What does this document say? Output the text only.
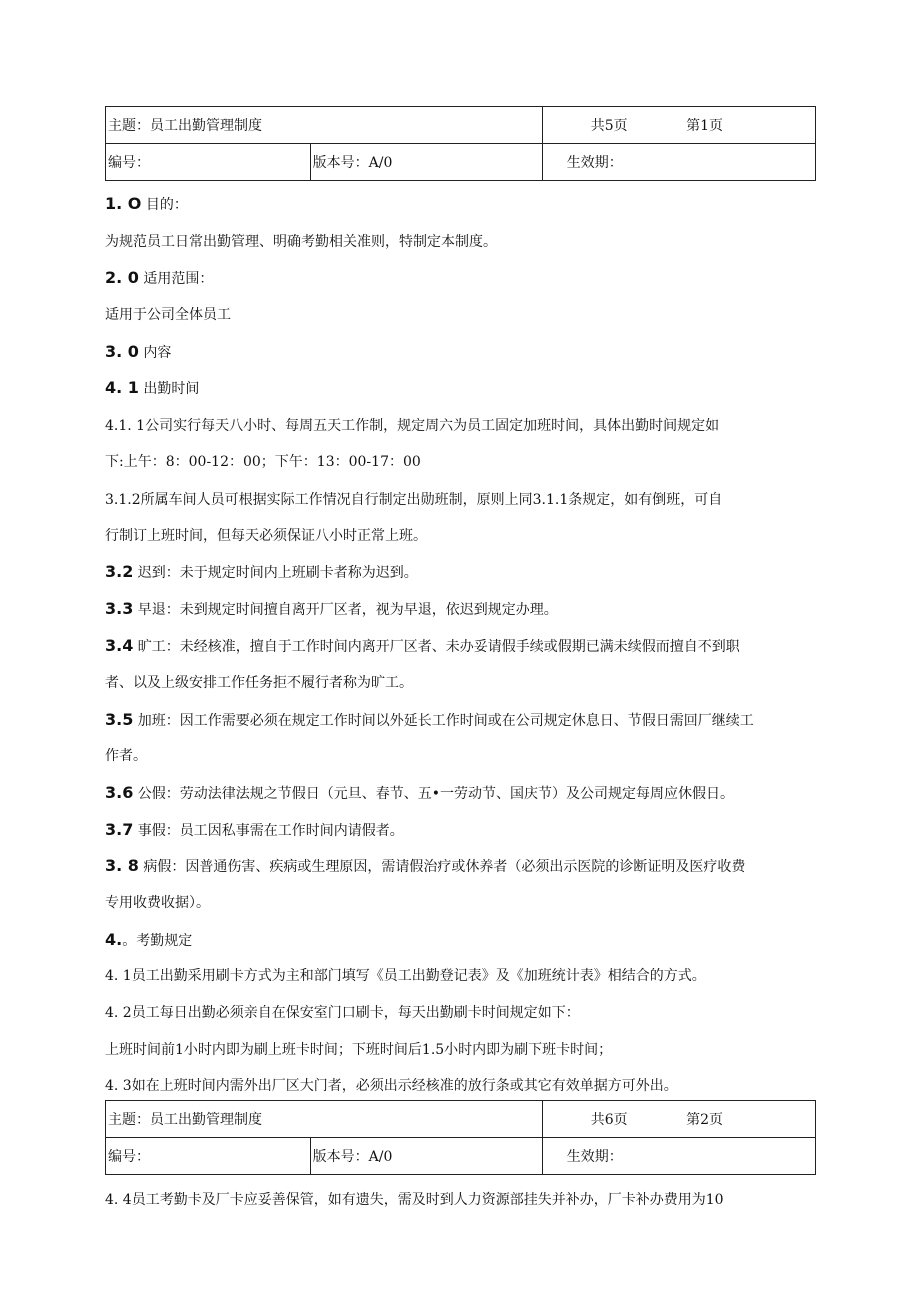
主题：员工出勤管理制度		共5页 第1页
编号：	版本号：A/0	生效期：
1. O 目的：
为规范员工日常出勤管理、明确考勤相关准则，特制定本制度。
2. 0 适用范围：
适用于公司全体员工
3. 0 内容
4. 1 出勤时间
4.1. 1公司实行每天八小时、每周五天工作制，规定周六为员工固定加班时间，具体出勤时间规定如
下:上午：8：00-12：00；下午：13：00-17：00
3.1.2所属车间人员可根据实际工作情况自行制定出勋班制，原则上同3.1.1条规定，如有倒班，可自
行制订上班时间，但每天必须保证八小时正常上班。
3.2 迟到：未于规定时间内上班刷卡者称为迟到。
3.3 早退：未到规定时间擅自离开厂区者，视为早退，依迟到规定办理。
3.4 旷工：未经核准，擅自于工作时间内离开厂区者、未办妥请假手续或假期已满未续假而擅自不到职
者、以及上级安排工作任务拒不履行者称为旷工。
3.5 加班：因工作需要必须在规定工作时间以外延长工作时间或在公司规定休息日、节假日需回厂继续工
作者。
3.6 公假：劳动法律法规之节假日（元旦、春节、五•一劳动节、国庆节）及公司规定每周应休假日。
3.7 事假：员工因私事需在工作时间内请假者。
3. 8 病假：因普通伤害、疾病或生理原因，需请假治疗或休养者（必须出示医院的诊断证明及医疗收费
专用收费收据）。
4.。考勤规定
4. 1员工出勤采用刷卡方式为主和部门填写《员工出勤登记表》及《加班统计表》相结合的方式。
4. 2员工每日出勤必须亲自在保安室门口刷卡，每天出勤刷卡时间规定如下：
上班时间前1小时内即为刷上班卡时间；下班时间后1.5小时内即为刷下班卡时间；
4. 3如在上班时间内需外出厂区大门者，必须出示经核准的放行条或其它有效单据方可外出。
主题：员工出勤管理制度		共6页 第2页
编号：	版本号：A/0	生效期：
4. 4员工考勤卡及厂卡应妥善保管，如有遗失，需及时到人力资源部挂失并补办，厂卡补办费用为10
